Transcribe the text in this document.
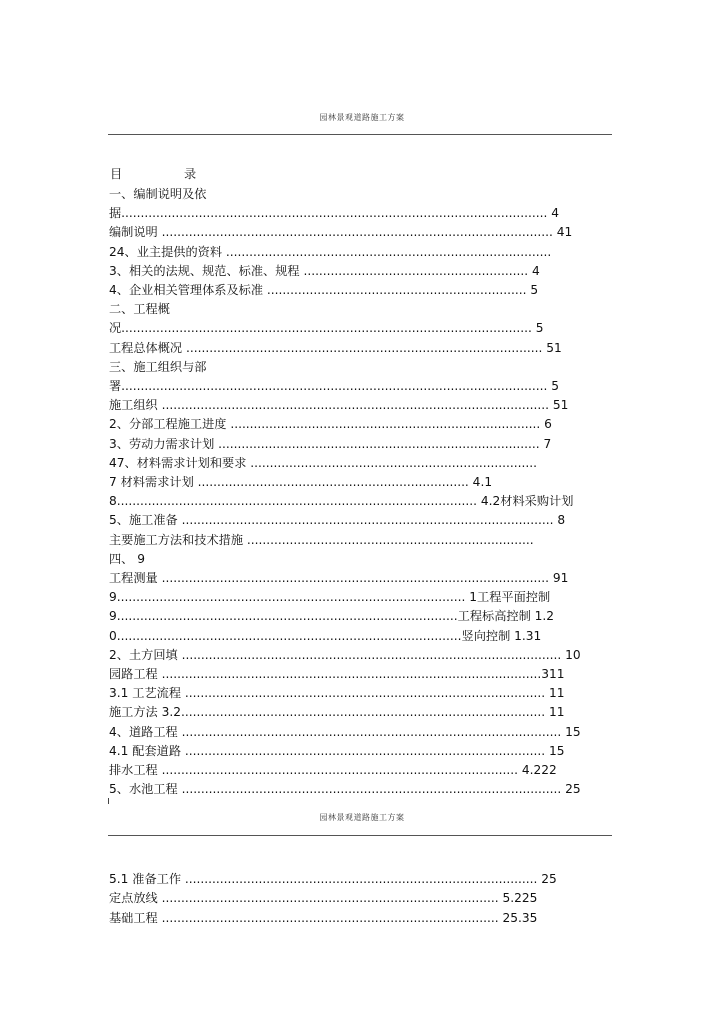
园林景观道路施工方案
目	录
一、编制说明及依
据.............................................................................................................. 4
编制说明 ..................................................................................................... 41
24、业主提供的资料 ....................................................................................
3、相关的法规、规范、标准、规程 .......................................................... 4
4、企业相关管理体系及标准 ................................................................... 5
二、工程概
况.......................................................................................................... 5
工程总体概况 ............................................................................................ 51
三、施工组织与部
署.............................................................................................................. 5
施工组织 .................................................................................................... 51
2、分部工程施工进度 ................................................................................ 6
3、劳动力需求计划 ................................................................................... 7
47、材料需求计划和要求 ..........................................................................
7 材料需求计划 ...................................................................... 4.1
8............................................................................................. 4.2材料采购计划
5、施工准备 ................................................................................................ 8
主要施工方法和技术措施 ..........................................................................
四、 9
工程测量 .................................................................................................... 91
9.......................................................................................... 1工程平面控制
9........................................................................................工程标高控制 1.2
0.........................................................................................竖向控制 1.31
2、土方回填 .................................................................................................. 10
园路工程 ..................................................................................................311
3.1 工艺流程 ............................................................................................. 11
施工方法 3.2.............................................................................................. 11
4、道路工程 .................................................................................................. 15
4.1 配套道路 ............................................................................................. 15
排水工程 ............................................................................................ 4.222
5、水池工程 .................................................................................................. 25
园林景观道路施工方案
5.1 准备工作 ........................................................................................... 25
定点放线 ....................................................................................... 5.225
基础工程 ....................................................................................... 25.35
